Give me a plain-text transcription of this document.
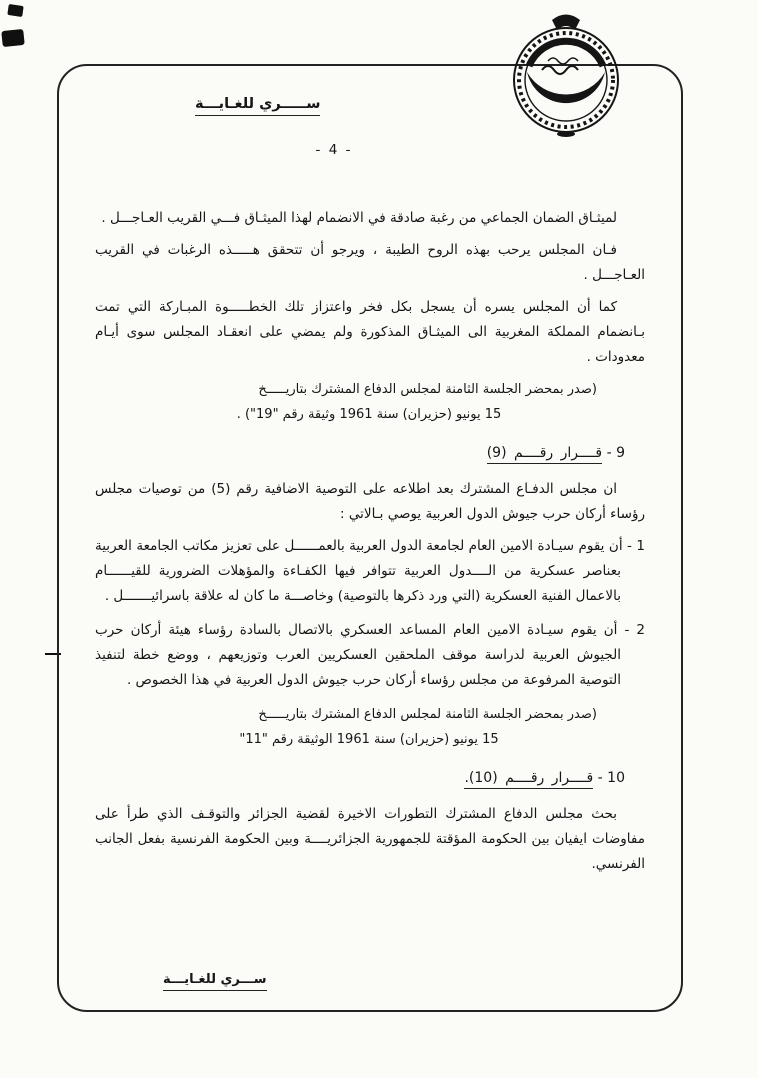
ســـــري للغـايـــة
- 4 -

لميثـاق الضمان الجماعي من رغبة صادقة في الانضمام لهذا الميثـاق فـــي القريب العـاجـــل .

فـان المجلس يرحب بهذه الروح الطيبة ، ويرجو أن تتحقق هـــــذه الرغبات في القريب العـاجـــل .

كما أن المجلس يسره أن يسجل بكل فخر واعتزاز تلك الخطـــــوة المبـاركة التي تمت بـانضمام المملكة المغربية الى الميثـاق المذكورة ولم يمضي على انعقـاد المجلس سوى أيـام معدودات .

(صدر بمحضر الجلسة الثامنة لمجلس الدفاع المشترك بتاريـــــخ
15 يونيو (حزيران) سنة 1961 وثيقة رقم "19") .
9 - قــــرار رقــــم (9)

ان مجلس الدفـاع المشترك بعد اطلاعه على التوصية الاضافية رقم (5) من توصيات مجلس رؤساء أركان حرب جيوش الدول العربية يوصي بـالاتي :

1 - أن يقوم سيـادة الامين العام لجامعة الدول العربية بالعمــــــل على تعزيز مكاتب الجامعة العربية بعناصر عسكرية من الــــدول العربية تتوافر فيها الكفـاءة والمؤهلات الضرورية للقيــــــام بالاعمال الفنية العسكرية (التي ورد ذكرها بالتوصية) وخاصـــة ما كان له علاقة باسرائيـــــــل .

2 - أن يقوم سيـادة الامين العام المساعد العسكري بالاتصال بالسادة رؤساء هيئة أركان حرب الجيوش العربية لدراسة موقف الملحقين العسكريين العرب وتوزيعهم ، ووضع خطة لتنفيذ التوصية المرفوعة من مجلس رؤساء أركان حرب جيوش الدول العربية في هذا الخصوص .

(صدر بمحضر الجلسة الثامنة لمجلس الدفاع المشترك بتاريـــــخ
15 يونيو (حزيران) سنة 1961 الوثيقة رقم "11"
10 - قــــرار رقــــم (10).

بحث مجلس الدفاع المشترك التطورات الاخيرة لقضية الجزائر والتوقـف الذي طرأ على مفاوضات ايفيان بين الحكومة المؤقتة للجمهورية الجزائريــــة وبين الحكومة الفرنسية بفعل الجانب الفرنسي.

ســـري للغـايـــة
